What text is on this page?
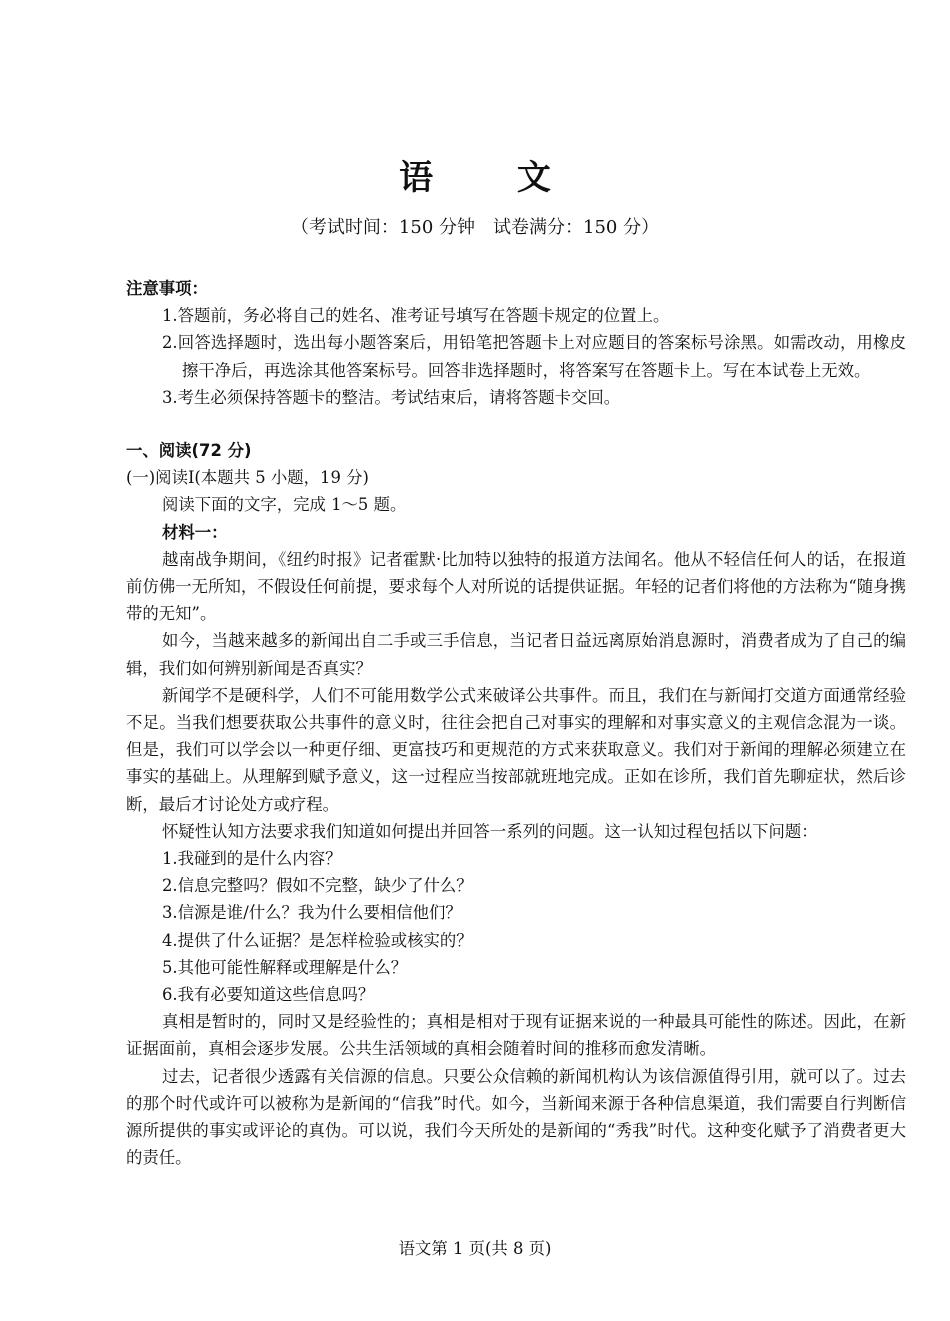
语 文
（考试时间：150 分钟　试卷满分：150 分）

注意事项：

1.答题前，务必将自己的姓名、准考证号填写在答题卡规定的位置上。

2.回答选择题时，选出每小题答案后，用铅笔把答题卡上对应题目的答案标号涂黑。如需改动，用橡皮擦干净后，再选涂其他答案标号。回答非选择题时，将答案写在答题卡上。写在本试卷上无效。

3.考生必须保持答题卡的整洁。考试结束后，请将答题卡交回。

一、阅读(72 分)

(一)阅读Ⅰ(本题共 5 小题，19 分)

阅读下面的文字，完成 1～5 题。

材料一：

越南战争期间，《纽约时报》记者霍默·比加特以独特的报道方法闻名。他从不轻信任何人的话，在报道前仿佛一无所知，不假设任何前提，要求每个人对所说的话提供证据。年轻的记者们将他的方法称为“随身携带的无知”。

如今，当越来越多的新闻出自二手或三手信息，当记者日益远离原始消息源时，消费者成为了自己的编辑，我们如何辨别新闻是否真实？

新闻学不是硬科学，人们不可能用数学公式来破译公共事件。而且，我们在与新闻打交道方面通常经验不足。当我们想要获取公共事件的意义时，往往会把自己对事实的理解和对事实意义的主观信念混为一谈。但是，我们可以学会以一种更仔细、更富技巧和更规范的方式来获取意义。我们对于新闻的理解必须建立在事实的基础上。从理解到赋予意义，这一过程应当按部就班地完成。正如在诊所，我们首先聊症状，然后诊断，最后才讨论处方或疗程。

怀疑性认知方法要求我们知道如何提出并回答一系列的问题。这一认知过程包括以下问题：

1.我碰到的是什么内容？

2.信息完整吗？假如不完整，缺少了什么？

3.信源是谁/什么？我为什么要相信他们？

4.提供了什么证据？是怎样检验或核实的？

5.其他可能性解释或理解是什么？

6.我有必要知道这些信息吗？

真相是暂时的，同时又是经验性的；真相是相对于现有证据来说的一种最具可能性的陈述。因此，在新证据面前，真相会逐步发展。公共生活领域的真相会随着时间的推移而愈发清晰。

过去，记者很少透露有关信源的信息。只要公众信赖的新闻机构认为该信源值得引用，就可以了。过去的那个时代或许可以被称为是新闻的“信我”时代。如今，当新闻来源于各种信息渠道，我们需要自行判断信源所提供的事实或评论的真伪。可以说，我们今天所处的是新闻的“秀我”时代。这种变化赋予了消费者更大的责任。

语文第 1 页(共 8 页)
